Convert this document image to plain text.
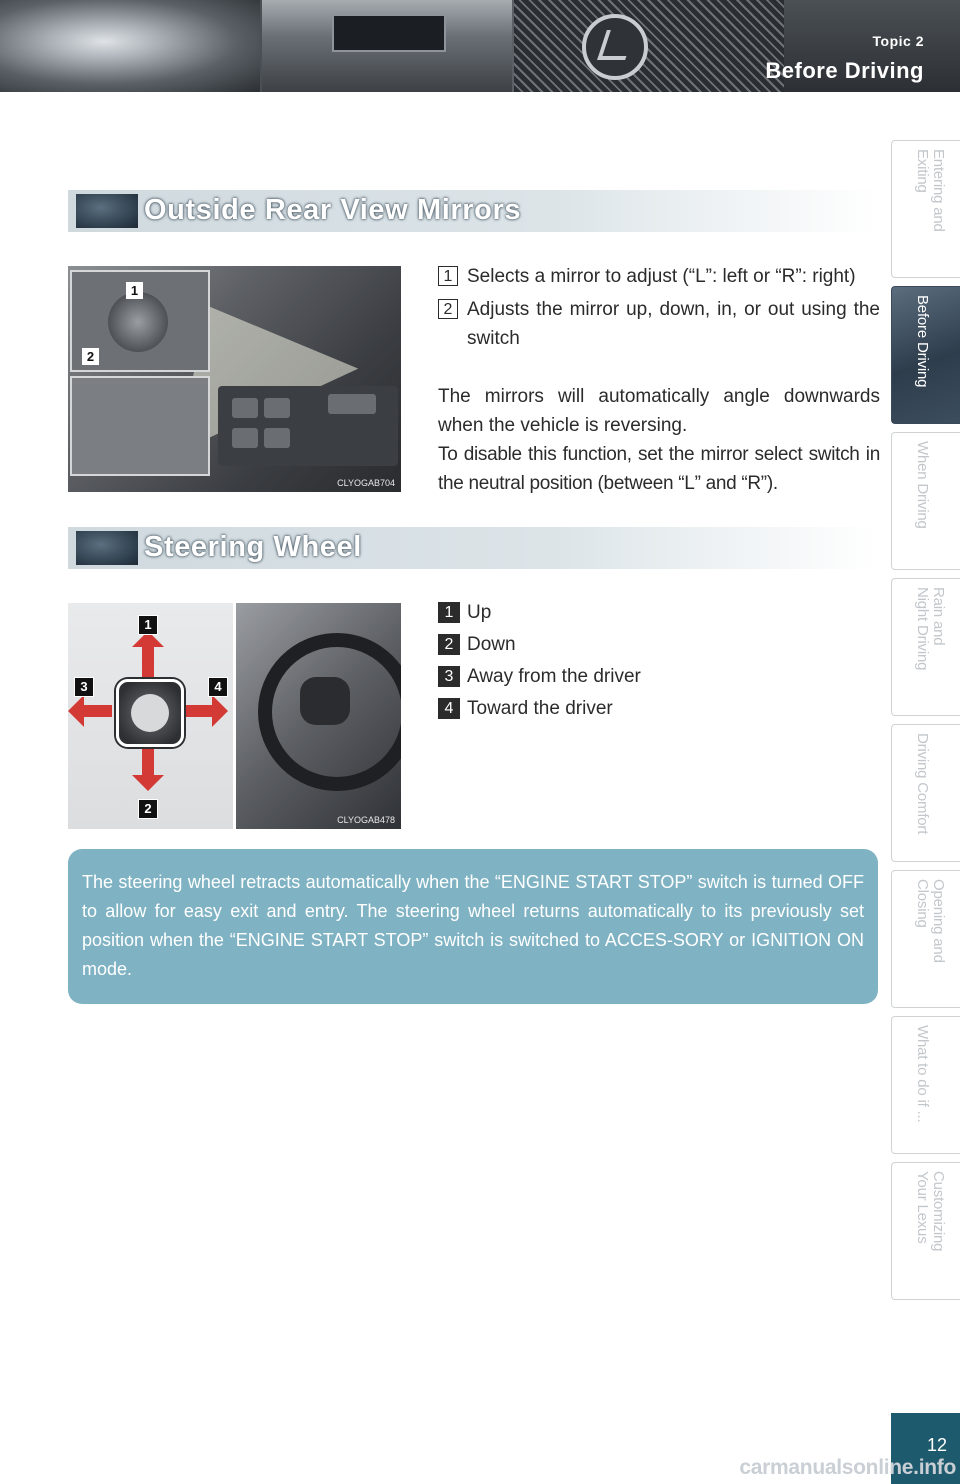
Topic 2
Before Driving
Entering and Exiting
Before Driving
When Driving
Rain and
Night Driving
Driving Comfort
Opening and Closing
What to do if ...
Customizing
Your Lexus
12
carmanualsonline.info
Outside Rear View Mirrors
1
2
CLYOGAB704
1 Selects a mirror to adjust (“L”: left or “R”: right)
2 Adjusts the mirror up, down, in, or out using the switch
The mirrors will automatically angle downwards when the vehicle is reversing.
To disable this function, set the mirror select switch in the neutral position (between “L” and “R”).
Steering Wheel
1
2
3	4
CLYOGAB478
1 Up
2 Down
3 Away from the driver
4 Toward the driver
The steering wheel retracts automatically when the “ENGINE START STOP” switch is turned OFF to allow for easy exit and entry. The steering wheel returns automatically to its previously set position when the “ENGINE START STOP” switch is switched to ACCES-SORY or IGNITION ON mode.
